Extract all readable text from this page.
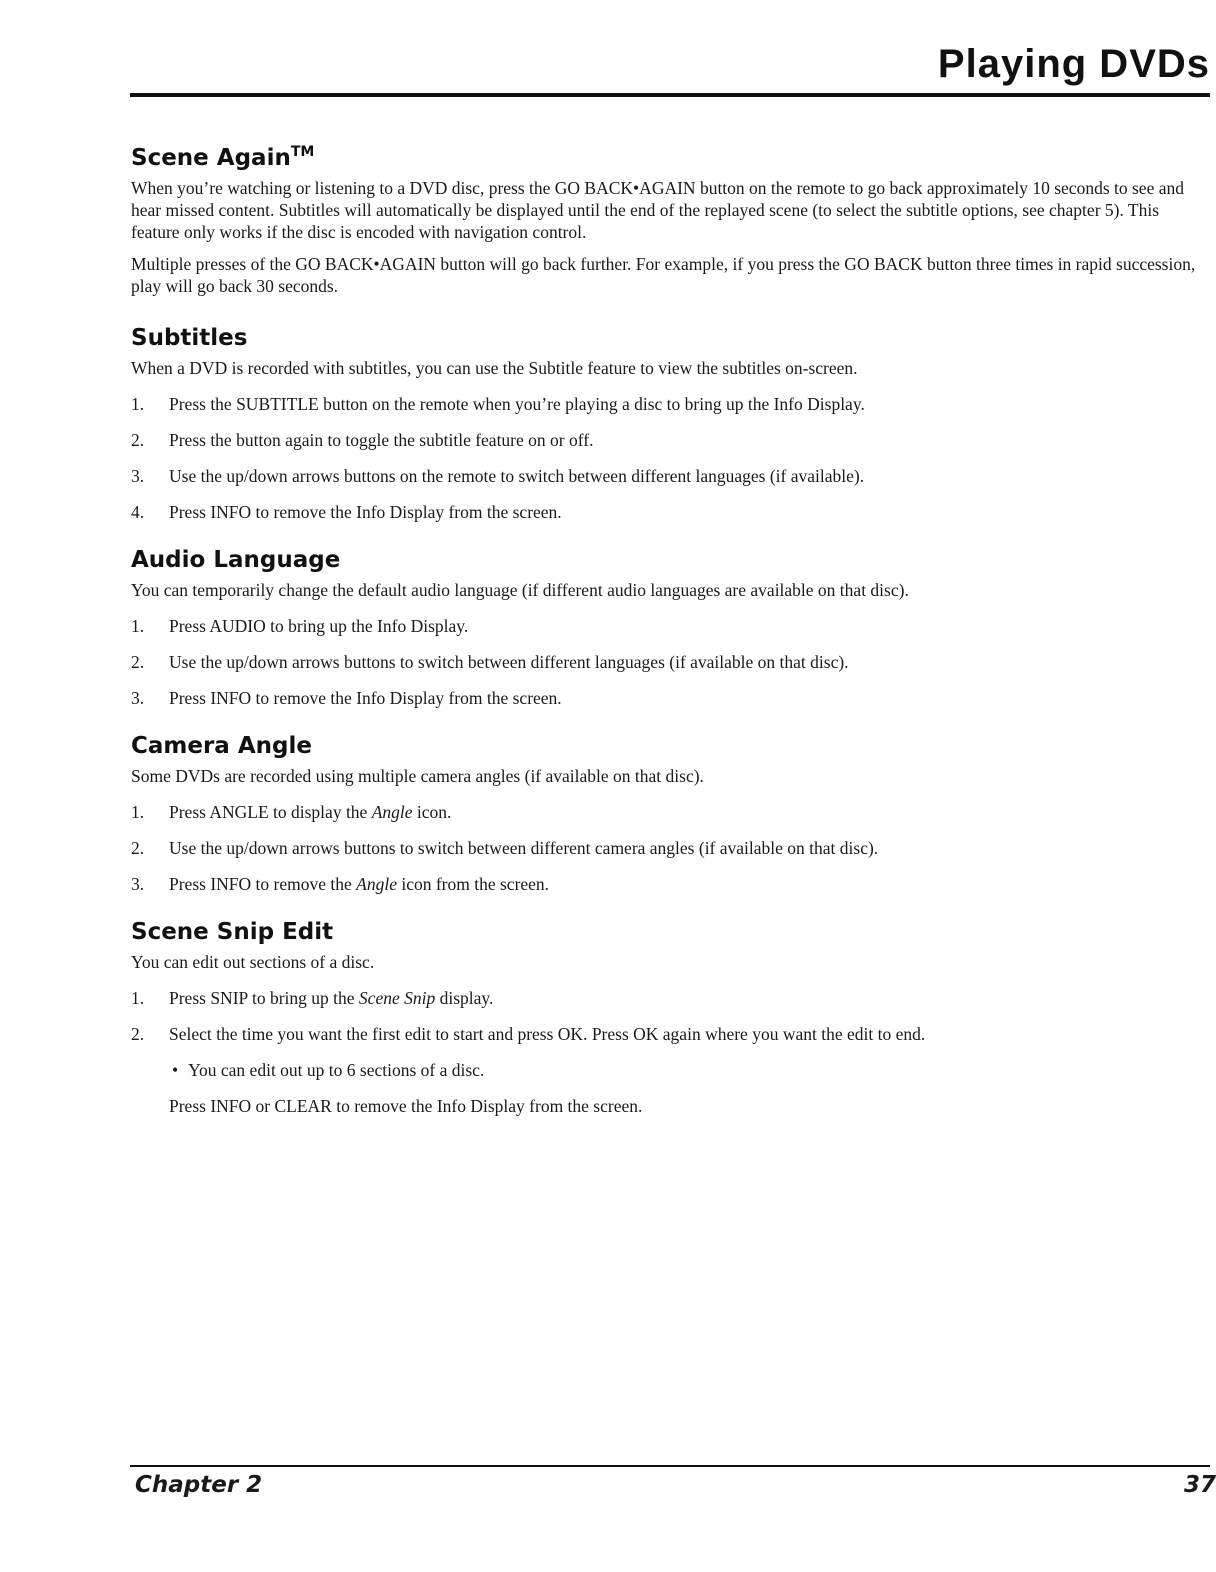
Playing DVDs
Scene Again™

When you’re watching or listening to a DVD disc, press the GO BACK•AGAIN button on the remote to go back approximately 10 seconds to see and hear missed content. Subtitles will automatically be displayed until the end of the replayed scene (to select the subtitle options, see chapter 5). This feature only works if the disc is encoded with navigation control.

Multiple presses of the GO BACK•AGAIN button will go back further. For example, if you press the GO BACK button three times in rapid succession, play will go back 30 seconds.

Subtitles

When a DVD is recorded with subtitles, you can use the Subtitle feature to view the subtitles on-screen.

1.	Press the SUBTITLE button on the remote when you’re playing a disc to bring up the Info Display.
2.	Press the button again to toggle the subtitle feature on or off.
3.	Use the up/down arrows buttons on the remote to switch between different languages (if available).
4.	Press INFO to remove the Info Display from the screen.
Audio Language

You can temporarily change the default audio language (if different audio languages are available on that disc).

1.	Press AUDIO to bring up the Info Display.
2.	Use the up/down arrows buttons to switch between different languages (if available on that disc).
3.	Press INFO to remove the Info Display from the screen.
Camera Angle

Some DVDs are recorded using multiple camera angles (if available on that disc).

1.	Press ANGLE to display the Angle icon.
2.	Use the up/down arrows buttons to switch between different camera angles (if available on that disc).
3.	Press INFO to remove the Angle icon from the screen.
Scene Snip Edit

You can edit out sections of a disc.

1.	Press SNIP to bring up the Scene Snip display.
2.	Select the time you want the first edit to start and press OK. Press OK again where you want the edit to end.
• You can edit out up to 6 sections of a disc.
Press INFO or CLEAR to remove the Info Display from the screen.
Chapter 2	37
